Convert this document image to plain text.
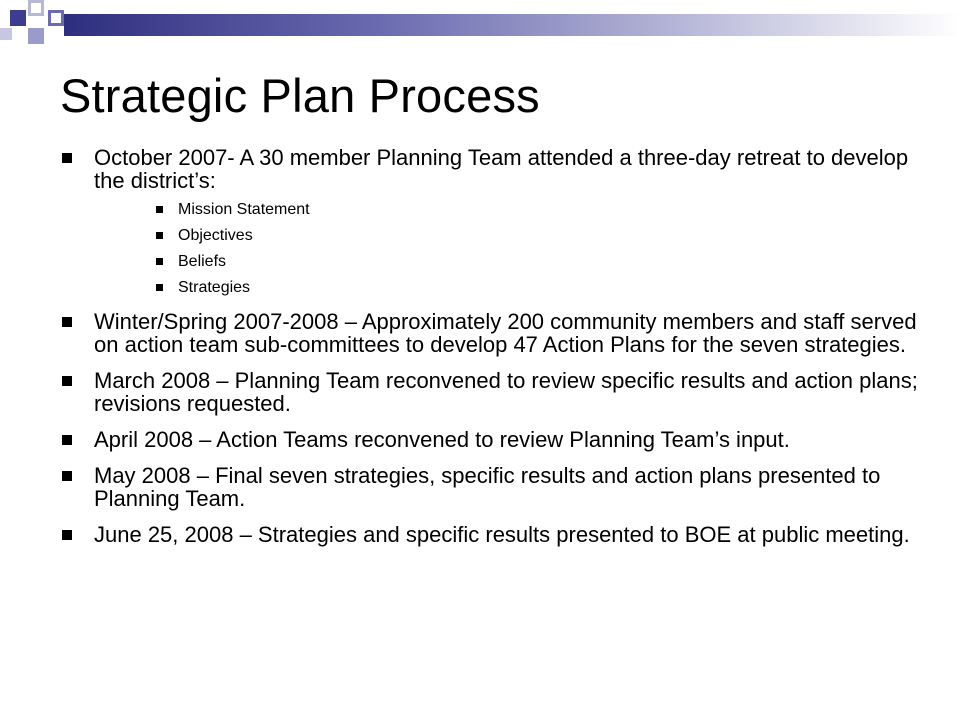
Strategic Plan Process
October 2007- A 30 member Planning Team attended a three-day retreat to develop the district’s:
Mission Statement
Objectives
Beliefs
Strategies
Winter/Spring 2007-2008 – Approximately 200 community members and staff served on action team sub-committees to develop 47 Action Plans for the seven strategies.
March 2008 – Planning Team reconvened to review specific results and action plans; revisions requested.
April 2008 – Action Teams reconvened to review Planning Team’s input.
May 2008 – Final seven strategies, specific results and action plans presented to Planning Team.
June 25, 2008 – Strategies and specific results presented to BOE at public meeting.
